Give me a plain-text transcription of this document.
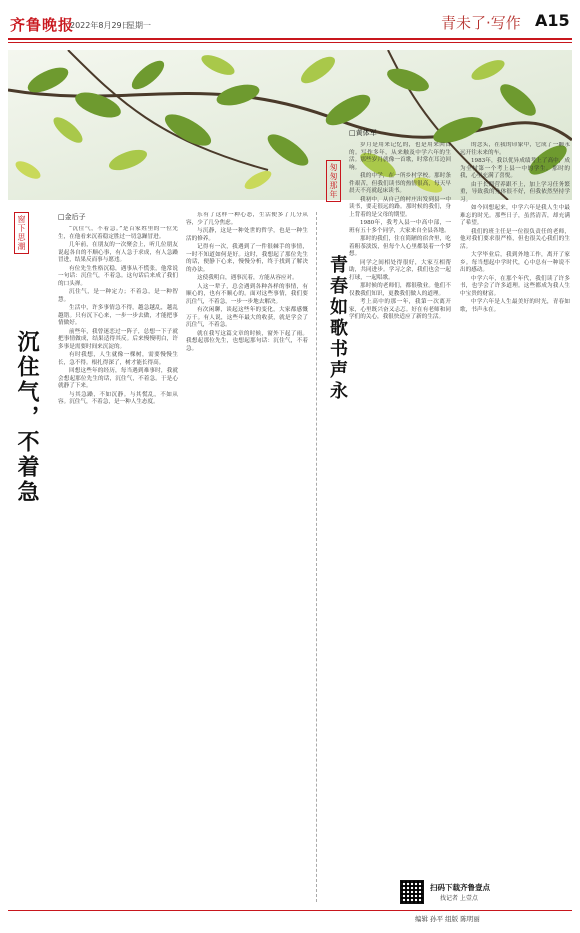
齐鲁晚报
2022年8月29日
星期一	青未了·写作 A15
窗下思潮
沉住气，不着急
□金后子

“沉住气，不着急。”是百家姓里的一位先生，在他看来沉着稳定胜过一切急躁冒进。

几年前，在朋友的一次聚会上，听几位朋友说起各自的不顺心事，有人急于求成，有人急躁冒进，结果反而事与愿违。

有位先生性格沉稳，遇事从不慌张，他常说一句话：沉住气，不着急。这句话后来成了我们的口头禅。

沉住气，是一种定力；不着急，是一种智慧。

生活中，许多事情急不得，越急越乱，越乱越错。只有沉下心来，一步一步去做，才能把事情做好。

前些年，我曾迷恋过一阵子，总想一下子就把事情做成，结果适得其反。后来慢慢明白，许多事是需要时间来沉淀的。

有时我想，人生就像一棵树，需要慢慢生长，急不得。根扎得深了，树才能长得高。

回想这些年的经历，每当遇到难事时，我就会想起那位先生的话，沉住气，不着急。于是心就静了下来。

与其急躁，不如沉静。与其慌乱，不如从容。沉住气，不着急，是一种人生态度。

乐有了这样一种心态，生活便多了几分从容，少了几分焦虑。

与沉静，这是一种处世的哲学，也是一种生活的修养。

记得有一次，我遇到了一件很棘手的事情，一时不知道如何是好。这时，我想起了那位先生的话，便静下心来，慢慢分析，终于找到了解决的办法。

这使我明白，遇事沉着，方能从容应对。

人这一辈子，总会遇到各种各样的事情，有顺心的，也有不顺心的。面对这些事情，我们要沉住气，不着急，一步一步地去解决。

有次闲聊，谈起这些年的变化，大家都感慨万千。有人说，这些年最大的收获，就是学会了沉住气，不着急。

就在我写这篇文章的时候，窗外下起了雨。我想起那位先生，也想起那句话：沉住气，不着急。

匆匆那年
青春如歌书声永
□黄体军

岁月是用来记忆的，也是用来回首的。写作多年，从来触及中学六年的生活。那些岁月就像一首歌，时常在耳边回响。

我的中学，在一所乡村学校。那时条件艰苦，但我们读书的热情很高，每天早晨天不亮就起床读书。

我初中，从自己的村庄出发到县一中读书，要走很远的路。那时候的我们，身上背着的是父母的期望。

1980年，我考入县一中高中部，一班有五十多个同学，大家来自全县各地。

那时的我们，住在简陋的宿舍里，吃着粗茶淡饭，但每个人心里都装着一个梦想。

同学之间相处得很好，大家互相帮助，共同进步。学习之余，我们也会一起打球，一起唱歌。

那时候的老师们，都很敬业。他们不仅教我们知识，更教我们做人的道理。

考上高中的那一年，我第一次离开家，心里既兴奋又忐忑。好在有老师和同学们的关心，我很快适应了新的生活。

的念头，在我的印象中，它成了一颗永远开往未来的车。

1983年，我以优异成绩考上了高中，成为全村第一个考上县一中的学生。那时的我，心里充满了喜悦。

由于长期营养跟不上，加上学习任务繁重，导致我的身体很不好，但我依然坚持学习。

如今回想起来，中学六年是我人生中最难忘的时光。那些日子，虽然清苦，却充满了希望。

我们的班主任是一位很负责任的老师，他对我们要求很严格，但也很关心我们的生活。

大学毕业后，我到外地工作，离开了家乡。每当想起中学时代，心中总有一种说不出的感动。

中学六年，在那个年代，我们读了许多书，也学会了许多道理。这些都成为我人生中宝贵的财富。

中学六年是人生最美好的时光，青春如歌，书声永在。

扫码下载齐鲁壹点
找记者 上壹点
编辑 孙平 组版 陈明丽
